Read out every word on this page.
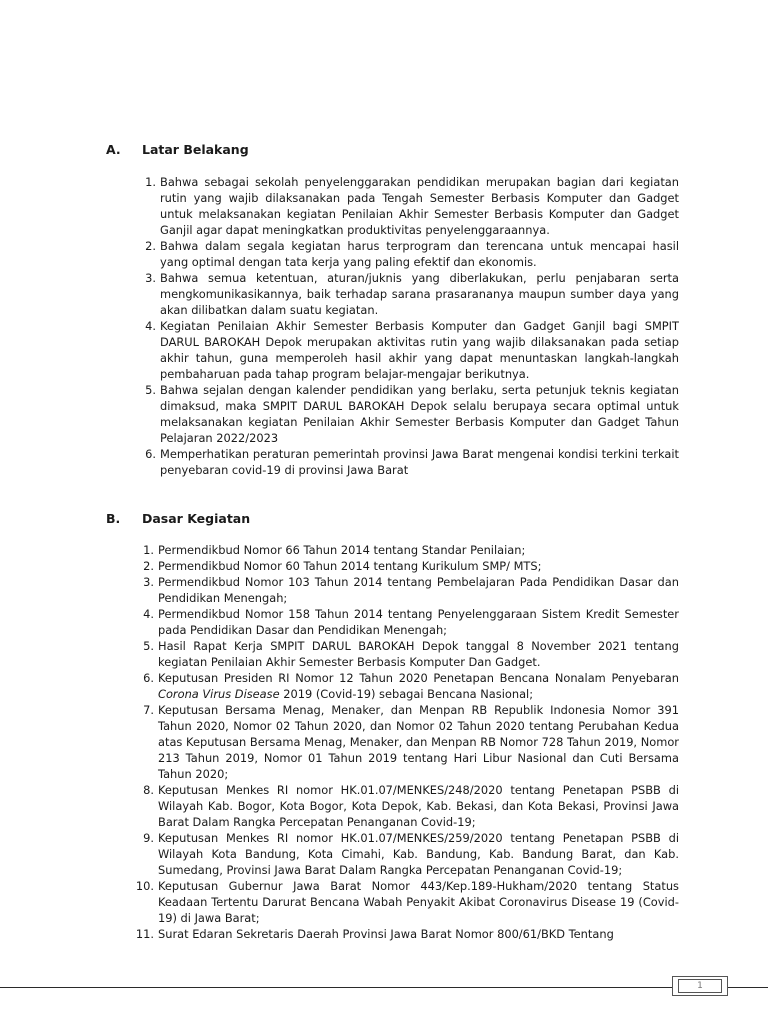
A. Latar Belakang
1. Bahwa sebagai sekolah penyelenggarakan pendidikan merupakan bagian dari kegiatan rutin yang wajib dilaksanakan pada Tengah Semester Berbasis Komputer dan Gadget untuk melaksanakan kegiatan Penilaian Akhir Semester Berbasis Komputer dan Gadget Ganjil agar dapat meningkatkan produktivitas penyelenggaraannya.
2. Bahwa dalam segala kegiatan harus terprogram dan terencana untuk mencapai hasil yang optimal dengan tata kerja yang paling efektif dan ekonomis.
3. Bahwa semua ketentuan, aturan/juknis yang diberlakukan, perlu penjabaran serta mengkomunikasikannya, baik terhadap sarana prasarananya maupun sumber daya yang akan dilibatkan dalam suatu kegiatan.
4. Kegiatan Penilaian Akhir Semester Berbasis Komputer dan Gadget Ganjil bagi SMPIT DARUL BAROKAH Depok merupakan aktivitas rutin yang wajib dilaksanakan pada setiap akhir tahun, guna memperoleh hasil akhir yang dapat menuntaskan langkah-langkah pembaharuan pada tahap program belajar-mengajar berikutnya.
5. Bahwa sejalan dengan kalender pendidikan yang berlaku, serta petunjuk teknis kegiatan dimaksud, maka SMPIT DARUL BAROKAH Depok selalu berupaya secara optimal untuk melaksanakan kegiatan Penilaian Akhir Semester Berbasis Komputer dan Gadget Tahun Pelajaran 2022/2023
6. Memperhatikan peraturan pemerintah provinsi Jawa Barat mengenai kondisi terkini terkait penyebaran covid-19 di provinsi Jawa Barat
B. Dasar Kegiatan
1. Permendikbud Nomor 66 Tahun 2014 tentang Standar Penilaian;
2. Permendikbud Nomor 60 Tahun 2014 tentang Kurikulum SMP/ MTS;
3. Permendikbud Nomor 103 Tahun 2014 tentang Pembelajaran Pada Pendidikan Dasar dan Pendidikan Menengah;
4. Permendikbud Nomor 158 Tahun 2014 tentang Penyelenggaraan Sistem Kredit Semester pada Pendidikan Dasar dan Pendidikan Menengah;
5. Hasil Rapat Kerja SMPIT DARUL BAROKAH Depok tanggal 8 November 2021 tentang kegiatan Penilaian Akhir Semester Berbasis Komputer Dan Gadget.
6. Keputusan Presiden RI Nomor 12 Tahun 2020 Penetapan Bencana Nonalam Penyebaran Corona Virus Disease 2019 (Covid-19) sebagai Bencana Nasional;
7. Keputusan Bersama Menag, Menaker, dan Menpan RB Republik Indonesia Nomor 391 Tahun 2020, Nomor 02 Tahun 2020, dan Nomor 02 Tahun 2020 tentang Perubahan Kedua atas Keputusan Bersama Menag, Menaker, dan Menpan RB Nomor 728 Tahun 2019, Nomor 213 Tahun 2019, Nomor 01 Tahun 2019 tentang Hari Libur Nasional dan Cuti Bersama Tahun 2020;
8. Keputusan Menkes RI nomor HK.01.07/MENKES/248/2020 tentang Penetapan PSBB di Wilayah Kab. Bogor, Kota Bogor, Kota Depok, Kab. Bekasi, dan Kota Bekasi, Provinsi Jawa Barat Dalam Rangka Percepatan Penanganan Covid-19;
9. Keputusan Menkes RI nomor HK.01.07/MENKES/259/2020 tentang Penetapan PSBB di Wilayah Kota Bandung, Kota Cimahi, Kab. Bandung, Kab. Bandung Barat, dan Kab. Sumedang, Provinsi Jawa Barat Dalam Rangka Percepatan Penanganan Covid-19;
10. Keputusan Gubernur Jawa Barat Nomor 443/Kep.189-Hukham/2020 tentang Status Keadaan Tertentu Darurat Bencana Wabah Penyakit Akibat Coronavirus Disease 19 (Covid-19) di Jawa Barat;
11. Surat Edaran Sekretaris Daerah Provinsi Jawa Barat Nomor 800/61/BKD Tentang
1
